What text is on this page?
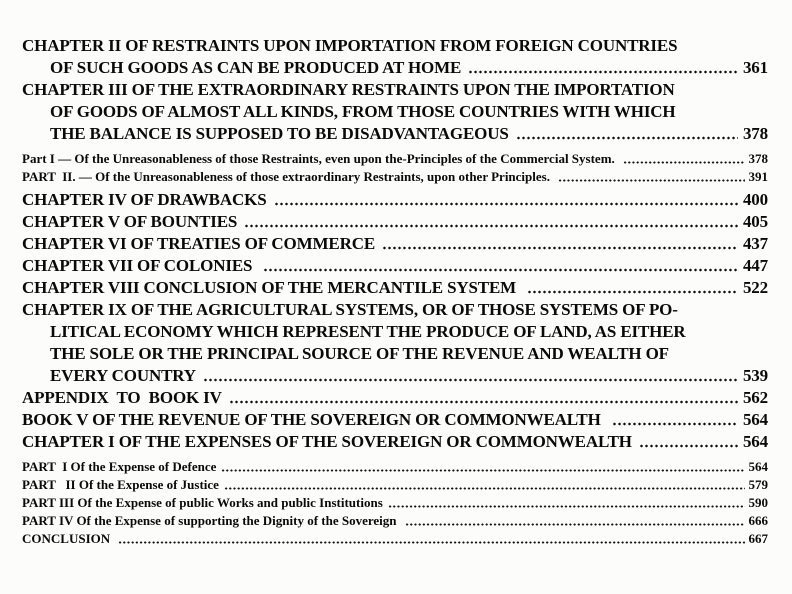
CHAPTER II OF RESTRAINTS UPON IMPORTATION FROM FOREIGN COUNTRIES
OF SUCH GOODS AS CAN BE PRODUCED AT HOME	361
CHAPTER III OF THE EXTRAORDINARY RESTRAINTS UPON THE IMPORTATION
OF GOODS OF ALMOST ALL KINDS, FROM THOSE COUNTRIES WITH WHICH
THE BALANCE IS SUPPOSED TO BE DISADVANTAGEOUS	378
Part I — Of the Unreasonableness of those Restraints, even upon the-Principles of the Commercial System.	378
PART  II. — Of the Unreasonableness of those extraordinary Restraints, upon other Principles.	391
CHAPTER IV OF DRAWBACKS	400
CHAPTER V OF BOUNTIES	405
CHAPTER VI OF TREATIES OF COMMERCE	437
CHAPTER VII OF COLONIES	447
CHAPTER VIII CONCLUSION OF THE MERCANTILE SYSTEM	522
CHAPTER IX OF THE AGRICULTURAL SYSTEMS, OR OF THOSE SYSTEMS OF PO-
LITICAL ECONOMY WHICH REPRESENT THE PRODUCE OF LAND, AS EITHER
THE SOLE OR THE PRINCIPAL SOURCE OF THE REVENUE AND WEALTH OF
EVERY COUNTRY	539
APPENDIX  TO  BOOK IV	562
BOOK V OF THE REVENUE OF THE SOVEREIGN OR COMMONWEALTH	564
CHAPTER I OF THE EXPENSES OF THE SOVEREIGN OR COMMONWEALTH	564
PART  I Of the Expense of Defence	564
PART   II Of the Expense of Justice	579
PART III Of the Expense of public Works and public Institutions	590
PART IV Of the Expense of supporting the Dignity of the Sovereign	666
CONCLUSION	667
